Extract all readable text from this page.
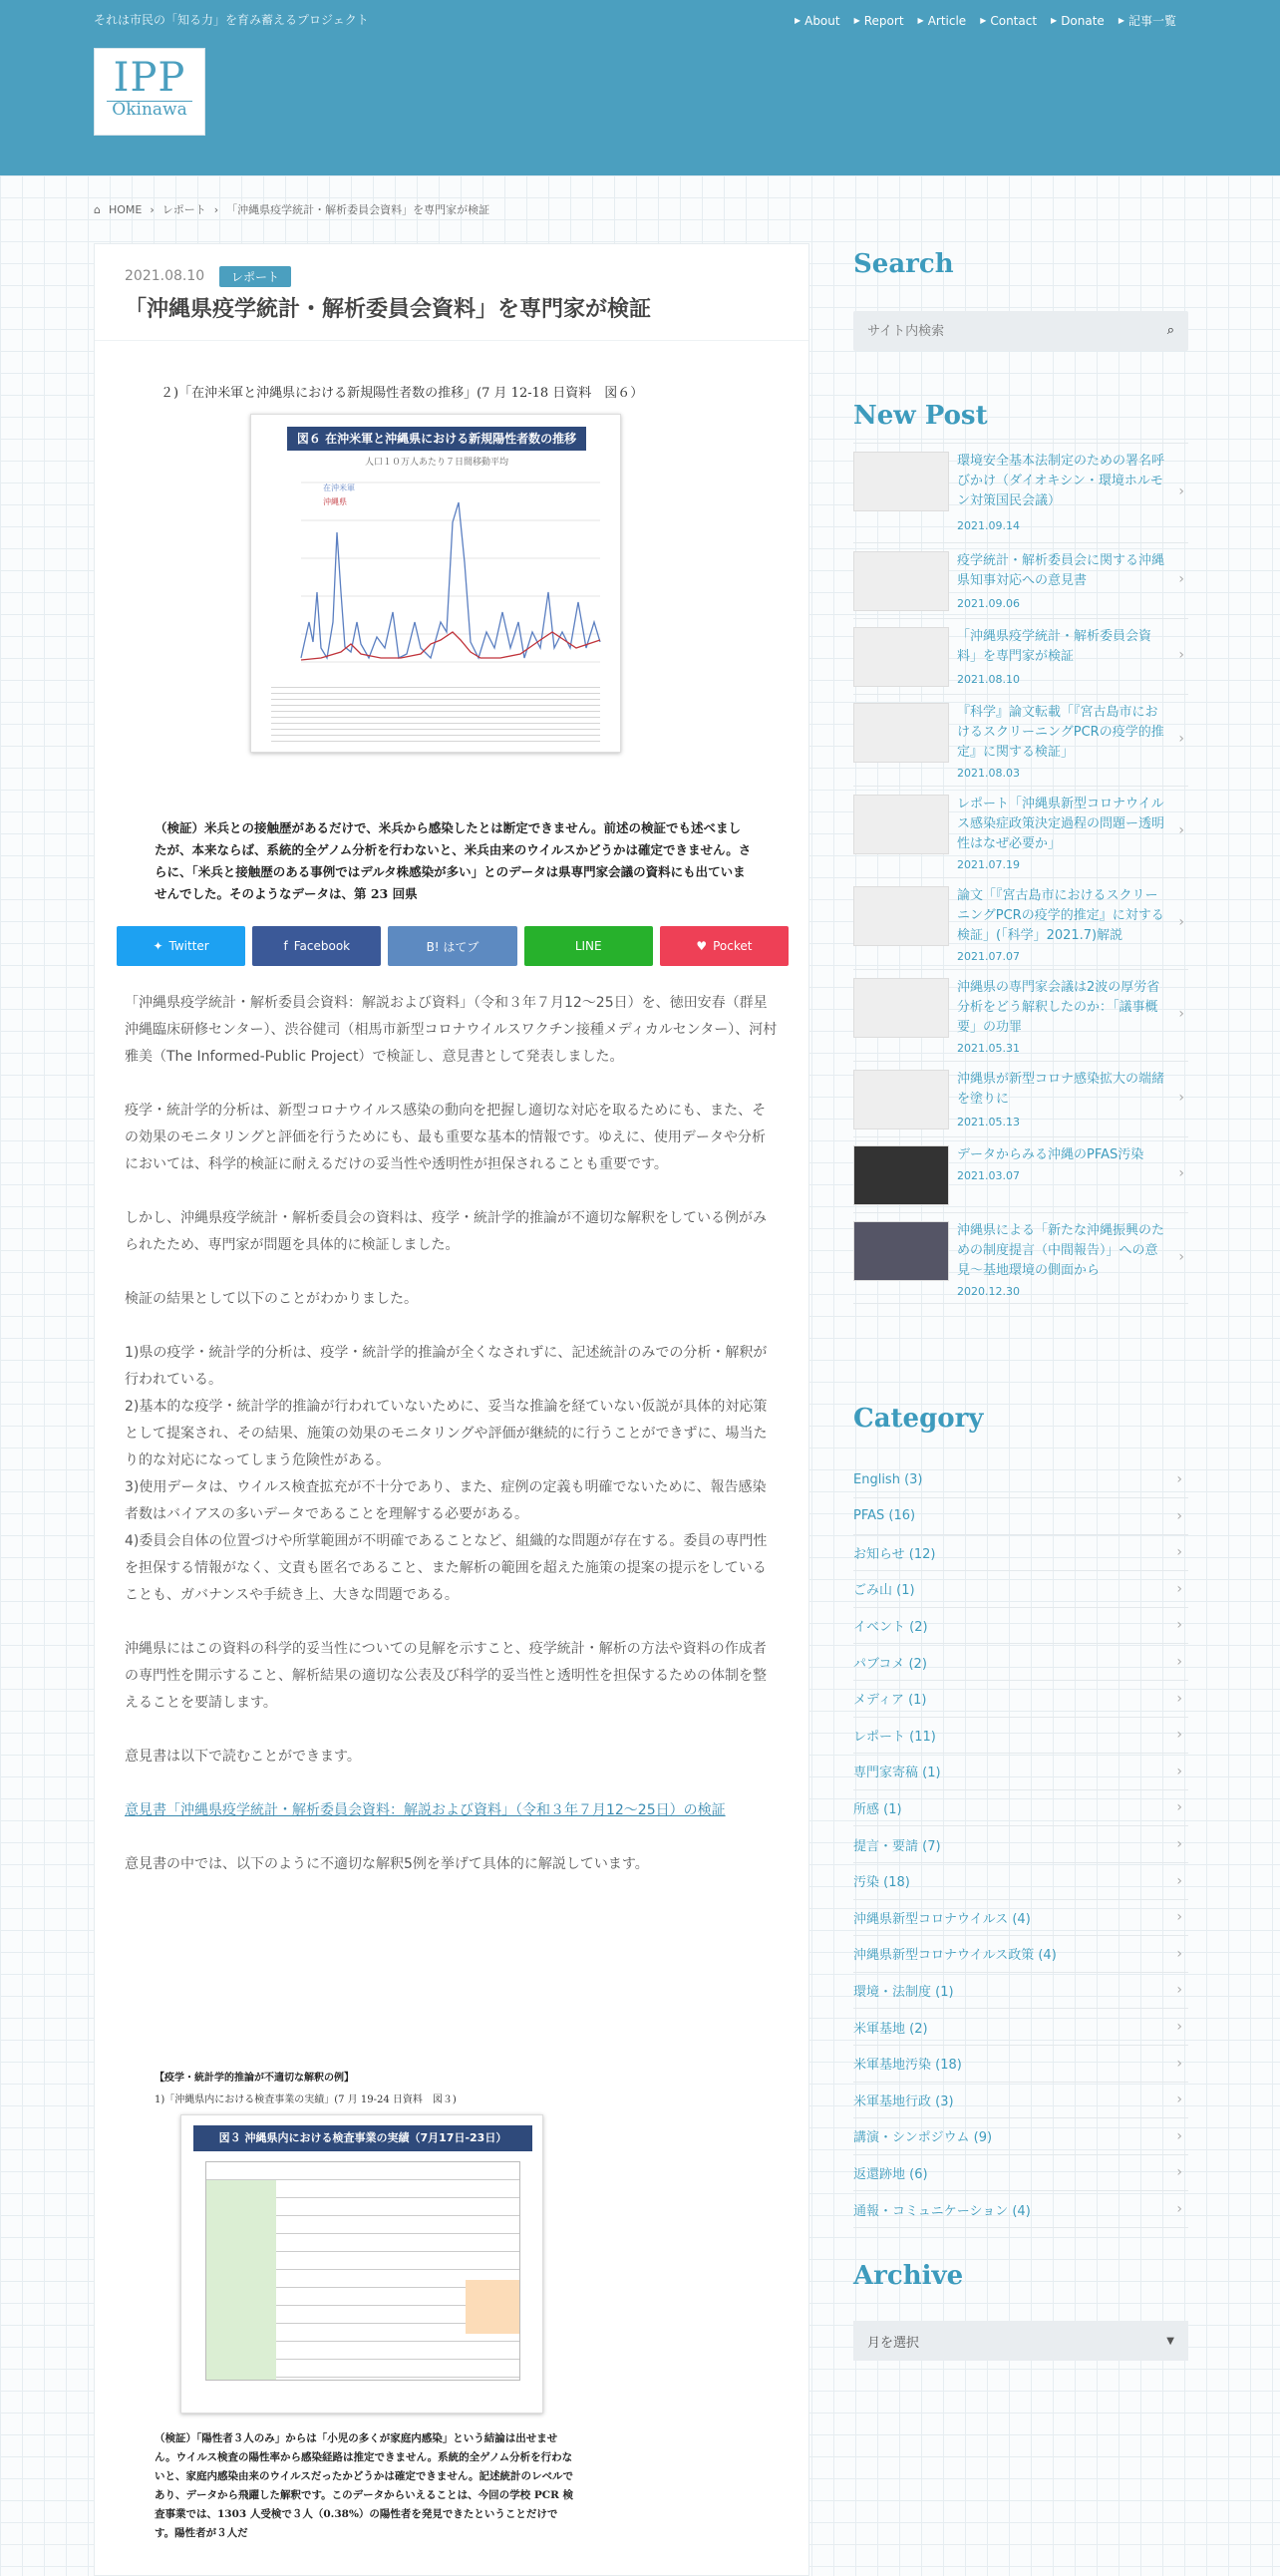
それは市民の「知る力」を育み蓄えるプロジェクト	▶ About ▶ Report ▶ Article ▶ Contact ▶ Donate ▶ 記事一覧
IPP
Okinawa
⌂ HOME › レポート › 「沖縄県疫学統計・解析委員会資料」を専門家が検証
2021.08.10	レポート
「沖縄県疫学統計・解析委員会資料」を専門家が検証
２)「在沖米軍と沖縄県における新規陽性者数の推移」(7 月 12-18 日資料　図６）
図６ 在沖米軍と沖縄県における新規陽性者数の推移
人口１０万人あたり７日間移動平均
在沖米軍
沖縄県
（検証）米兵との接触歴があるだけで、米兵から感染したとは断定できません。前述の検証でも述べましたが、本来ならば、系統的全ゲノム分析を行わないと、米兵由来のウイルスかどうかは確定できません。さらに、「米兵と接触歴のある事例ではデルタ株感染が多い」とのデータは県専門家会議の資料にも出ていませんでした。そのようなデータは、第 23 回県
✦ Twitter	f Facebook	B! はてブ	LINE	♥ Pocket

「沖縄県疫学統計・解析委員会資料：解説および資料」（令和３年７月12～25日）を、徳田安春（群星沖縄臨床研修センター）、渋谷健司（相馬市新型コロナウイルスワクチン接種メディカルセンター）、河村雅美（The Informed-Public Project）で検証し、意見書として発表しました。

疫学・統計学的分析は、新型コロナウイルス感染の動向を把握し適切な対応を取るためにも、また、その効果のモニタリングと評価を行うためにも、最も重要な基本的情報です。ゆえに、使用データや分析においては、科学的検証に耐えるだけの妥当性や透明性が担保されることも重要です。

しかし、沖縄県疫学統計・解析委員会の資料は、疫学・統計学的推論が不適切な解釈をしている例がみられたため、専門家が問題を具体的に検証しました。

検証の結果として以下のことがわかりました。

1)県の疫学・統計学的分析は、疫学・統計学的推論が全くなされずに、記述統計のみでの分析・解釈が行われている。
2)基本的な疫学・統計学的推論が行われていないために、妥当な推論を経ていない仮説が具体的対応策として提案され、その結果、施策の効果のモニタリングや評価が継続的に行うことができずに、場当たり的な対応になってしまう危険性がある。
3)使用データは、ウイルス検査拡充が不十分であり、また、症例の定義も明確でないために、報告感染者数はバイアスの多いデータであることを理解する必要がある。
4)委員会自体の位置づけや所掌範囲が不明確であることなど、組織的な問題が存在する。委員の専門性を担保する情報がなく、文責も匿名であること、また解析の範囲を超えた施策の提案の提示をしていることも、ガバナンスや手続き上、大きな問題である。

沖縄県にはこの資料の科学的妥当性についての見解を示すこと、疫学統計・解析の方法や資料の作成者の専門性を開示すること、解析結果の適切な公表及び科学的妥当性と透明性を担保するための体制を整えることを要請します。

意見書は以下で読むことができます。

意見書「沖縄県疫学統計・解析委員会資料：解説および資料」（令和３年７月12～25日）の検証

意見書の中では、以下のように不適切な解釈5例を挙げて具体的に解説しています。

【疫学・統計学的推論が不適切な解釈の例】
1)「沖縄県内における検査事業の実績」(7 月 19-24 日資料　図３)
図３ 沖縄県内における検査事業の実績（7月17日-23日）
（検証）「陽性者３人のみ」からは「小児の多くが家庭内感染」という結論は出せません。ウイルス検査の陽性率から感染経路は推定できません。系統的全ゲノム分析を行わないと、家庭内感染由来のウイルスだったかどうかは確定できません。記述統計のレベルであり、データから飛躍した解釈です。このデータからいえることは、今回の学校 PCR 検査事業では、1303 人受検で３人（0.38%）の陽性者を発見できたということだけです。陽性者が３人だ
Search
サイト内検索
⌕
New Post
環境安全基本法制定のための署名呼びかけ（ダイオキシン・環境ホルモン対策国民会議）
2021.09.14
›
疫学統計・解析委員会に関する沖縄県知事対応への意見書
2021.09.06
›
「沖縄県疫学統計・解析委員会資料」を専門家が検証
2021.08.10
›
『科学』論文転載「『宮古島市におけるスクリーニングPCRの疫学的推定』に関する検証」
2021.08.03
›
レポート「沖縄県新型コロナウイルス感染症政策決定過程の問題ー透明性はなぜ必要か」
2021.07.19
›
論文「『宮古島市におけるスクリーニングPCRの疫学的推定』に対する検証」(「科学」2021.7)解説
2021.07.07
›
沖縄県の専門家会議は2波の厚労省分析をどう解釈したのか：「議事概要」の功罪
2021.05.31
›
沖縄県が新型コロナ感染拡大の端緒を塗りに
2021.05.13
›
データからみる沖縄のPFAS汚染
2021.03.07	›
沖縄県による「新たな沖縄振興のための制度提言（中間報告）」への意見～基地環境の側面から
2020.12.30
›
Category
English (3)	›
PFAS (16)	›
お知らせ (12)	›
ごみ山 (1)	›
イベント (2)	›
パブコメ (2)	›
メディア (1)	›
レポート (11)	›
専門家寄稿 (1)	›
所感 (1)	›
提言・要請 (7)	›
汚染 (18)	›
沖縄県新型コロナウイルス (4)	›
沖縄県新型コロナウイルス政策 (4)	›
環境・法制度 (1)	›
米軍基地 (2)	›
米軍基地汚染 (18)	›
米軍基地行政 (3)	›
講演・シンポジウム (9)	›
返還跡地 (6)	›
通報・コミュニケーション (4)	›
Archive
月を選択	▼
